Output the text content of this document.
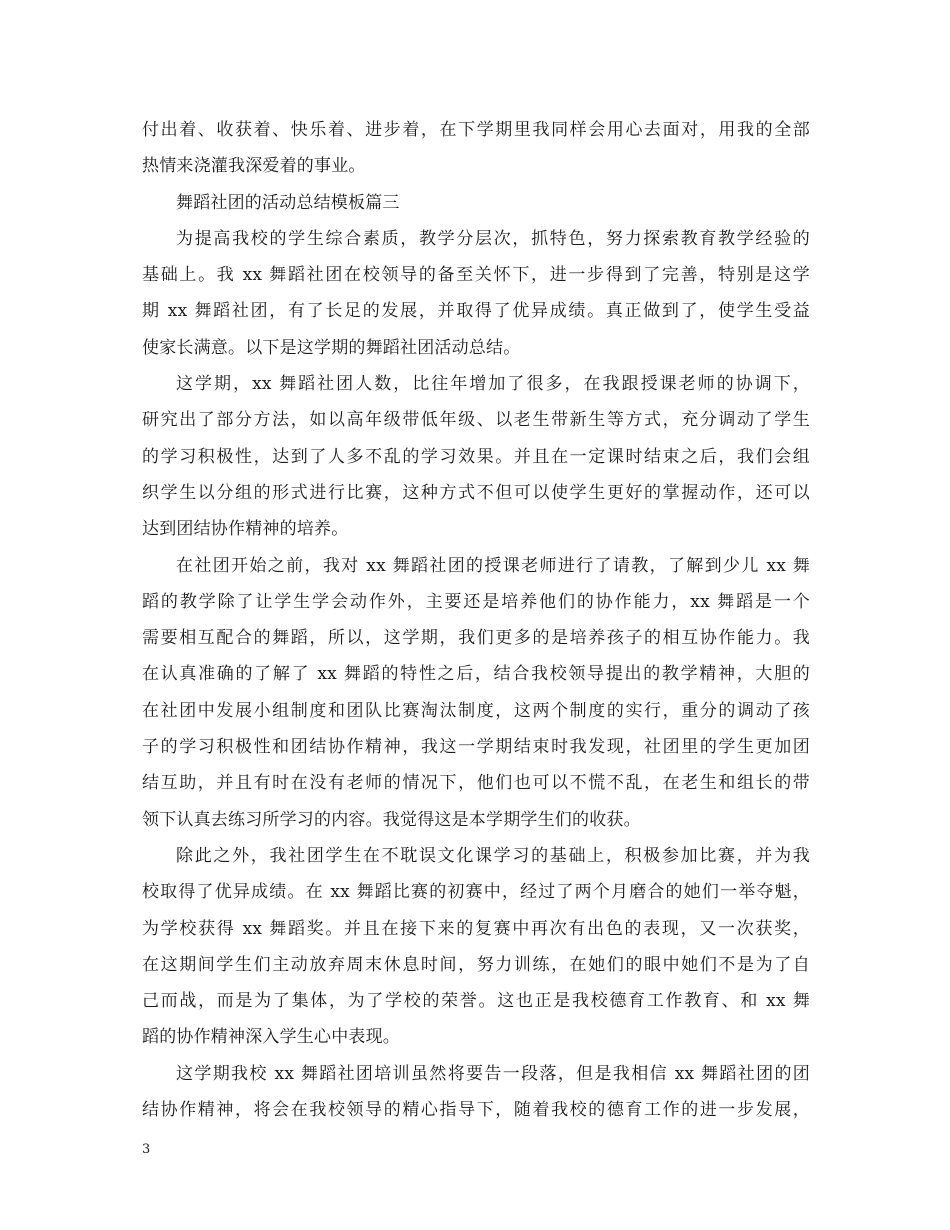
付出着、收获着、快乐着、进步着，在下学期里我同样会用心去面对，用我的全部
热情来浇灌我深爱着的事业。
舞蹈社团的活动总结模板篇三
为提高我校的学生综合素质，教学分层次，抓特色，努力探索教育教学经验的
基础上。我 xx 舞蹈社团在校领导的备至关怀下，进一步得到了完善，特别是这学
期 xx 舞蹈社团，有了长足的发展，并取得了优异成绩。真正做到了，使学生受益
使家长满意。以下是这学期的舞蹈社团活动总结。
这学期，xx 舞蹈社团人数，比往年增加了很多，在我跟授课老师的协调下，
研究出了部分方法，如以高年级带低年级、以老生带新生等方式，充分调动了学生
的学习积极性，达到了人多不乱的学习效果。并且在一定课时结束之后，我们会组
织学生以分组的形式进行比赛，这种方式不但可以使学生更好的掌握动作，还可以
达到团结协作精神的培养。
在社团开始之前，我对 xx 舞蹈社团的授课老师进行了请教，了解到少儿 xx 舞
蹈的教学除了让学生学会动作外，主要还是培养他们的协作能力，xx 舞蹈是一个
需要相互配合的舞蹈，所以，这学期，我们更多的是培养孩子的相互协作能力。我
在认真准确的了解了 xx 舞蹈的特性之后，结合我校领导提出的教学精神，大胆的
在社团中发展小组制度和团队比赛淘汰制度，这两个制度的实行，重分的调动了孩
子的学习积极性和团结协作精神，我这一学期结束时我发现，社团里的学生更加团
结互助，并且有时在没有老师的情况下，他们也可以不慌不乱，在老生和组长的带
领下认真去练习所学习的内容。我觉得这是本学期学生们的收获。
除此之外，我社团学生在不耽误文化课学习的基础上，积极参加比赛，并为我
校取得了优异成绩。在 xx 舞蹈比赛的初赛中，经过了两个月磨合的她们一举夺魁，
为学校获得 xx 舞蹈奖。并且在接下来的复赛中再次有出色的表现，又一次获奖，
在这期间学生们主动放弃周末休息时间，努力训练，在她们的眼中她们不是为了自
己而战，而是为了集体，为了学校的荣誉。这也正是我校德育工作教育、和 xx 舞
蹈的协作精神深入学生心中表现。
这学期我校 xx 舞蹈社团培训虽然将要告一段落，但是我相信 xx 舞蹈社团的团
结协作精神，将会在我校领导的精心指导下，随着我校的德育工作的进一步发展，
3
